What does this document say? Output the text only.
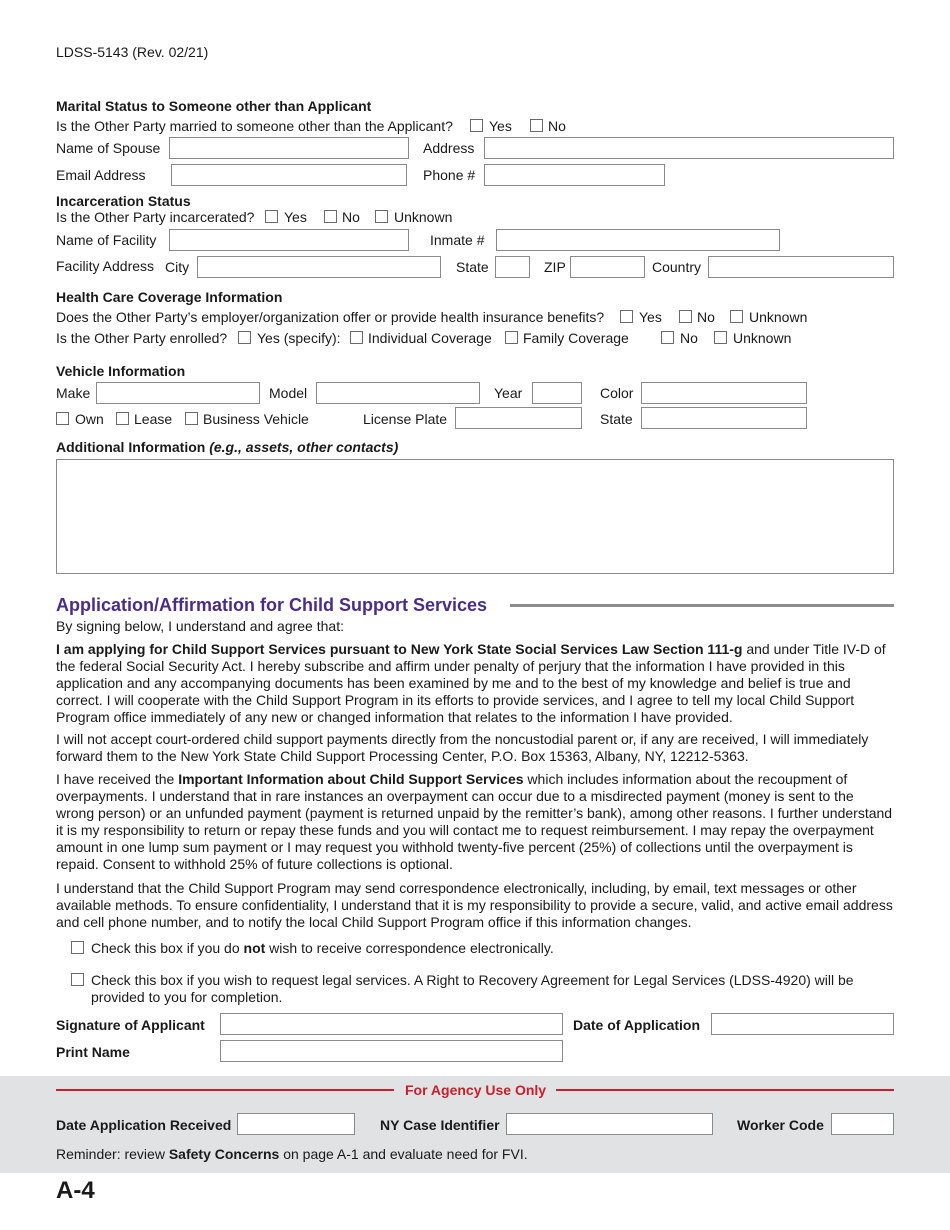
LDSS-5143 (Rev. 02/21)
Marital Status to Someone other than Applicant
Is the Other Party married to someone other than the Applicant?	Yes	No
Name of Spouse	Address
Email Address	Phone #
Incarceration Status
Is the Other Party incarcerated? Yes	No Unknown
Name of Facility	Inmate #
Facility Address City	State	ZIP	Country
Health Care Coverage Information
Does the Other Party’s employer/organization offer or provide health insurance benefits? Yes	No Unknown
Is the Other Party enrolled? Yes (specify): Individual Coverage Family Coverage	No	Unknown
Vehicle Information
Make	Model	Year	Color
Own Lease Business Vehicle	License Plate	State
Additional Information (e.g., assets, other contacts)
Application/Affirmation for Child Support Services
By signing below, I understand and agree that:

I am applying for Child Support Services pursuant to New York State Social Services Law Section 111-g and under Title IV-D of the federal Social Security Act. I hereby subscribe and affirm under penalty of perjury that the information I have provided in this application and any accompanying documents has been examined by me and to the best of my knowledge and belief is true and correct. I will cooperate with the Child Support Program in its efforts to provide services, and I agree to tell my local Child Support Program office immediately of any new or changed information that relates to the information I have provided.

I will not accept court-ordered child support payments directly from the noncustodial parent or, if any are received, I will immediately forward them to the New York State Child Support Processing Center, P.O. Box 15363, Albany, NY, 12212-5363.

I have received the Important Information about Child Support Services which includes information about the recoupment of overpayments. I understand that in rare instances an overpayment can occur due to a misdirected payment (money is sent to the wrong person) or an unfunded payment (payment is returned unpaid by the remitter’s bank), among other reasons. I further understand it is my responsibility to return or repay these funds and you will contact me to request reimbursement. I may repay the overpayment amount in one lump sum payment or I may request you withhold twenty-five percent (25%) of collections until the overpayment is repaid. Consent to withhold 25% of future collections is optional.

I understand that the Child Support Program may send correspondence electronically, including, by email, text messages or other available methods. To ensure confidentiality, I understand that it is my responsibility to provide a secure, valid, and active email address and cell phone number, and to notify the local Child Support Program office if this information changes.

Check this box if you do not wish to receive correspondence electronically.
Check this box if you wish to request legal services. A Right to Recovery Agreement for Legal Services (LDSS-4920) will be provided to you for completion.
Signature of Applicant	Date of Application
Print Name
For Agency Use Only
Date Application Received	NY Case Identifier	Worker Code
Reminder: review Safety Concerns on page A-1 and evaluate need for FVI.
A-4
